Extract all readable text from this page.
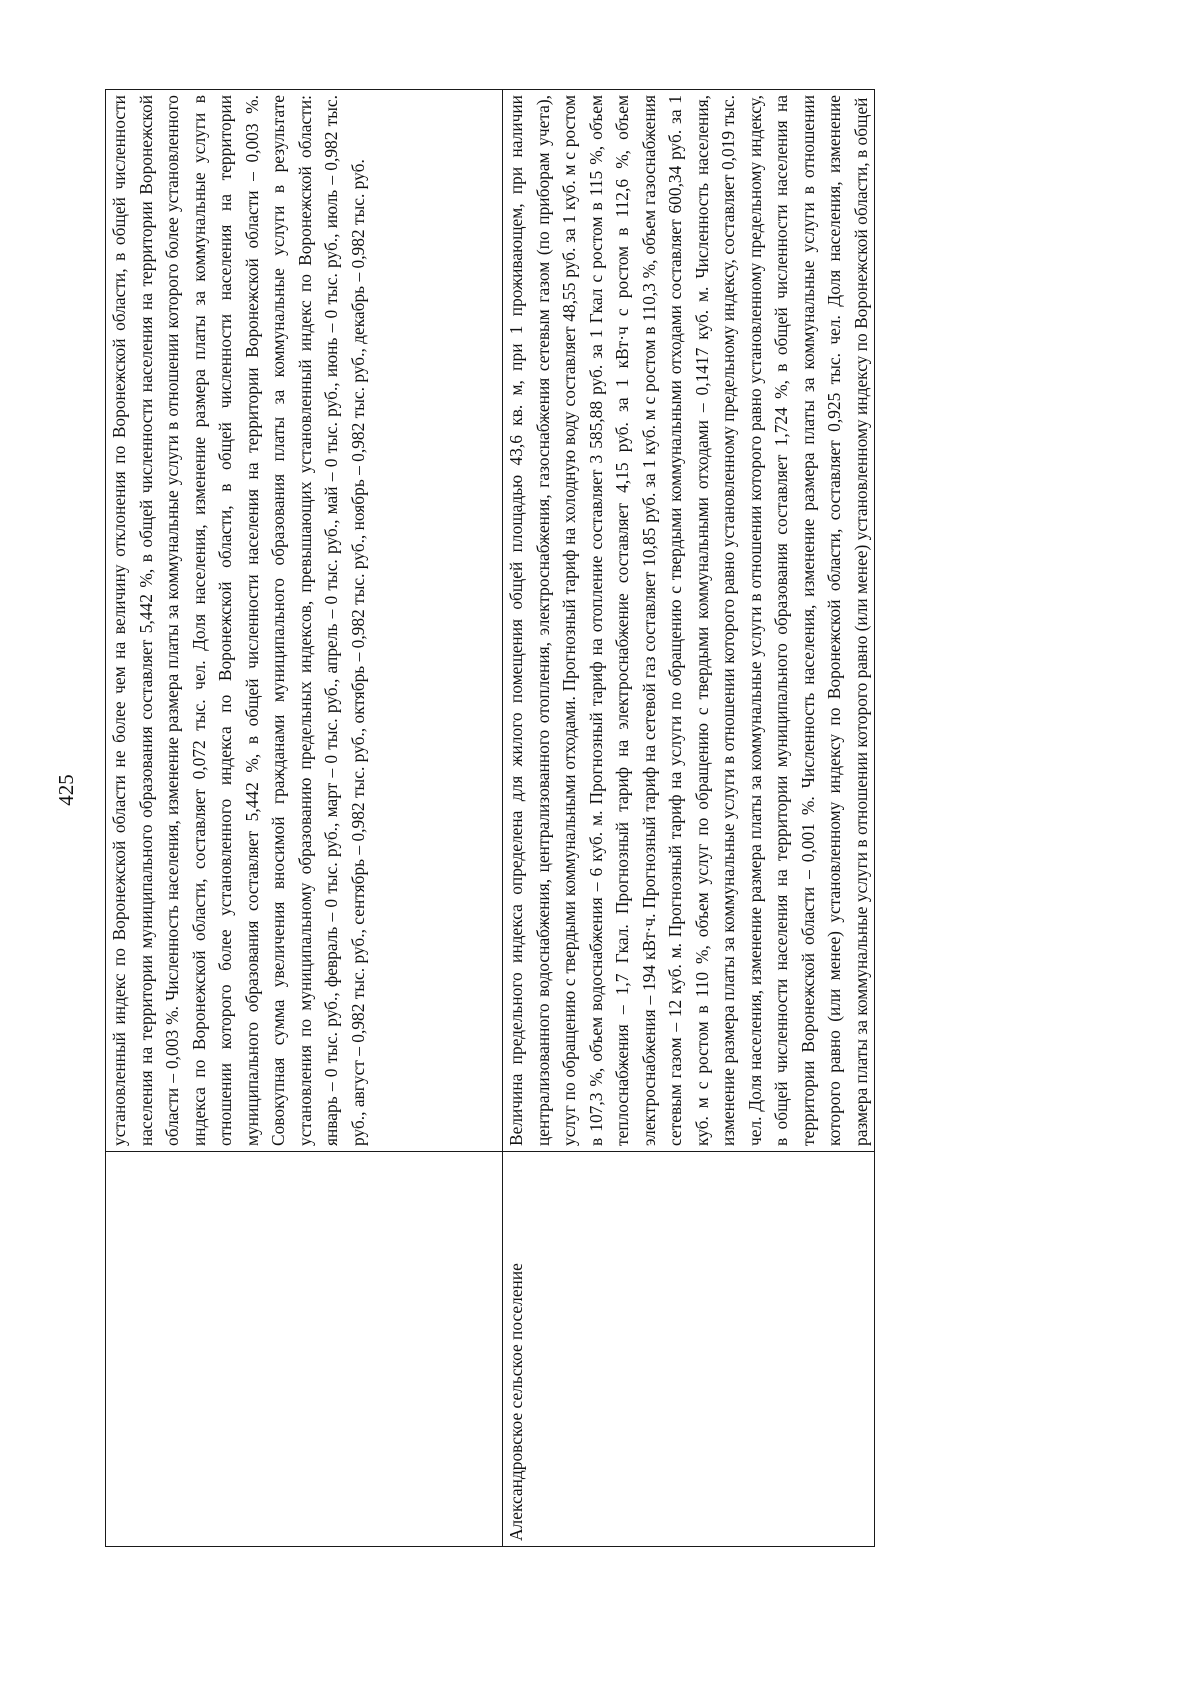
425
		установленный индекс по Воронежской области не более чем на величину отклонения по Воронежской области, в общей численности населения на территории муниципального образования составляет 5,442 %, в общей численности населения на территории Воронежской области – 0,003 %. Численность населения, изменение размера платы за коммунальные услуги в отношении которого более установленного индекса по Воронежской области, составляет 0,072 тыс. чел. Доля населения, изменение размера платы за коммунальные услуги в отношении которого более установленного индекса по Воронежской области, в общей численности населения на территории муниципального образования составляет 5,442 %, в общей численности населения на территории Воронежской области – 0,003 %. Совокупная сумма увеличения вносимой гражданами муниципального образования платы за коммунальные услуги в результате установления по муниципальному образованию предельных индексов, превышающих установленный индекс по Воронежской области: январь – 0 тыс. руб., февраль – 0 тыс. руб., март – 0 тыс. руб., апрель – 0 тыс. руб., май – 0 тыс. руб., июнь – 0 тыс. руб., июль – 0,982 тыс. руб., август – 0,982 тыс. руб., сентябрь – 0,982 тыс. руб., октябрь – 0,982 тыс. руб., ноябрь – 0,982 тыс. руб., декабрь – 0,982 тыс. руб.
Александровское сельское поселение	Величина предельного индекса определена для жилого помещения общей площадью 43,6 кв. м, при 1 проживающем, при наличии централизованного водоснабжения, централизованного отопления, электроснабжения, газоснабжения сетевым газом (по приборам учета), услуг по обращению с твердыми коммунальными отходами. Прогнозный тариф на холодную воду составляет 48,55 руб. за 1 куб. м с ростом в 107,3 %, объем водоснабжения – 6 куб. м. Прогнозный тариф на отопление составляет 3 585,88 руб. за 1 Гкал с ростом в 115 %, объем теплоснабжения – 1,7 Гкал. Прогнозный тариф на электроснабжение составляет 4,15 руб. за 1 кВт·ч с ростом в 112,6 %, объем электроснабжения – 194 кВт·ч. Прогнозный тариф на сетевой газ составляет 10,85 руб. за 1 куб. м с ростом в 110,3 %, объем газоснабжения сетевым газом – 12 куб. м. Прогнозный тариф на услуги по обращению с твердыми коммунальными отходами составляет 600,34 руб. за 1 куб. м с ростом в 110 %, объем услуг по обращению с твердыми коммунальными отходами – 0,1417 куб. м. Численность населения, изменение размера платы за коммунальные услуги в отношении которого равно установленному предельному индексу, составляет 0,019 тыс. чел. Доля населения, изменение размера платы за коммунальные услуги в отношении которого равно установленному предельному индексу, в общей численности населения на территории муниципального образования составляет 1,724 %, в общей численности населения на территории Воронежской области – 0,001 %. Численность населения, изменение размера платы за коммунальные услуги в отношении которого равно (или менее) установленному индексу по Воронежской области, составляет 0,925 тыс. чел. Доля населения, изменение размера платы за коммунальные услуги в отношении которого равно (или менее) установленному индексу по Воронежской области, в общей
